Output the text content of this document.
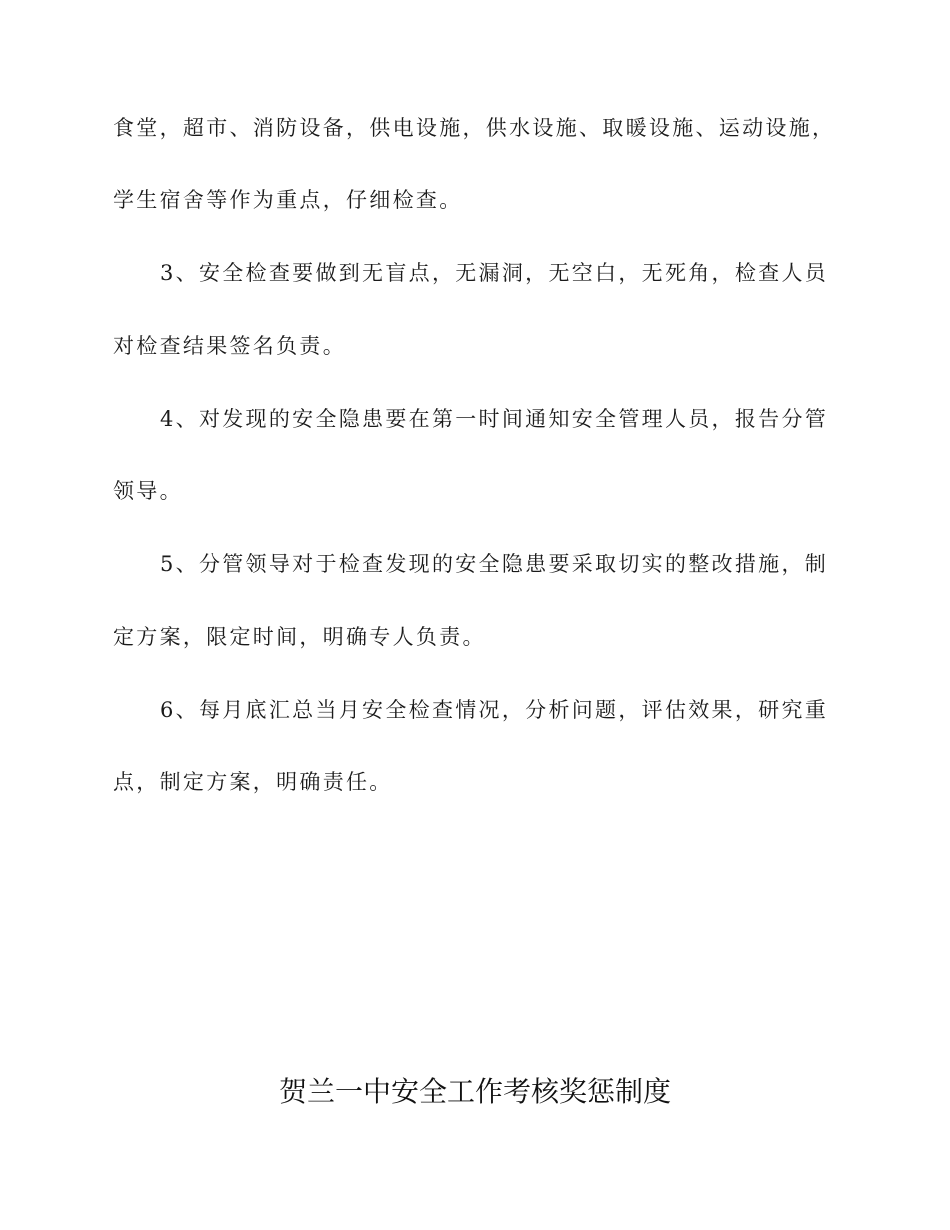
食堂，超市、消防设备，供电设施，供水设施、取暖设施、运动设施，
学生宿舍等作为重点，仔细检查。
3、安全检查要做到无盲点，无漏洞，无空白，无死角，检查人员
对检查结果签名负责。
4、对发现的安全隐患要在第一时间通知安全管理人员，报告分管
领导。
5、分管领导对于检查发现的安全隐患要采取切实的整改措施，制
定方案，限定时间，明确专人负责。
6、每月底汇总当月安全检查情况，分析问题，评估效果，研究重
点，制定方案，明确责任。
贺兰一中安全工作考核奖惩制度
